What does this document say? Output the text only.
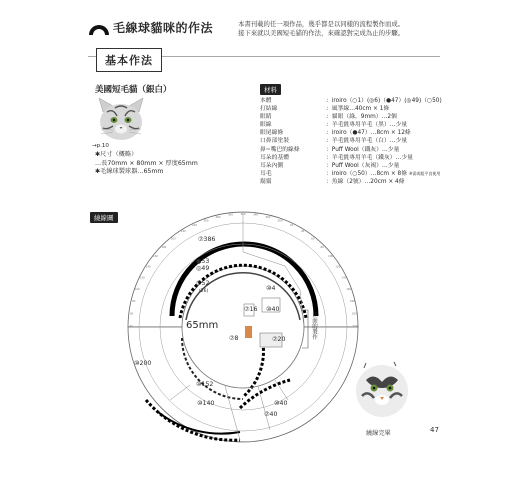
毛線球貓咪的作法	本書刊載的任一項作品，幾乎都是以同樣的流程製作而成。
接下來就以美國短毛貓的作法，來確認對完成為止的步驟。
基本作法
美國短毛貓（銀白）
→p.10
✱尺寸（概略）
…長70mm × 80mm × 厚度65mm
✱毛線球製球器…65mm
材料
本體	：iroiro（○1）(◎6)（●47）(◎49)（○50)
打結線	：風箏線…40cm × 1條
眼睛	：貓眼（綠，9mm）…2個
眼線	：羊毛氈專用羊毛（黑）…少量
眼尾線條	：iroiro（●47）…8cm × 12條
口鼻部塗裝	：羊毛氈專用羊毛（白）…少量
鼻~嘴巴的線條	：Puff Wool（鐵灰）…少量
耳朵的基體	：羊毛氈專用羊毛（鐵灰）…少量
耳朵內側	：Puff Wool（灰褐）…少量
耳毛	：iroiro（○50）…8cm × 8條 ※需或粗平良使用
鬍鬚	：魚線（2號）…20cm × 4條
繞線圖
40
60
80
100
120
140
160
180
200
220
240
260
280
300	320	340
360
380
20
40
60
80
100
120
140
160
180
200
220
65mm	正面的製作
⑦386
●53
◎49
⑦52
(26)	⑩4
⑦16 ⑩40
⑦8	⑦20
⑩200
⑩152
⑩140	⑩40
⑦40
繞線完畢	47
